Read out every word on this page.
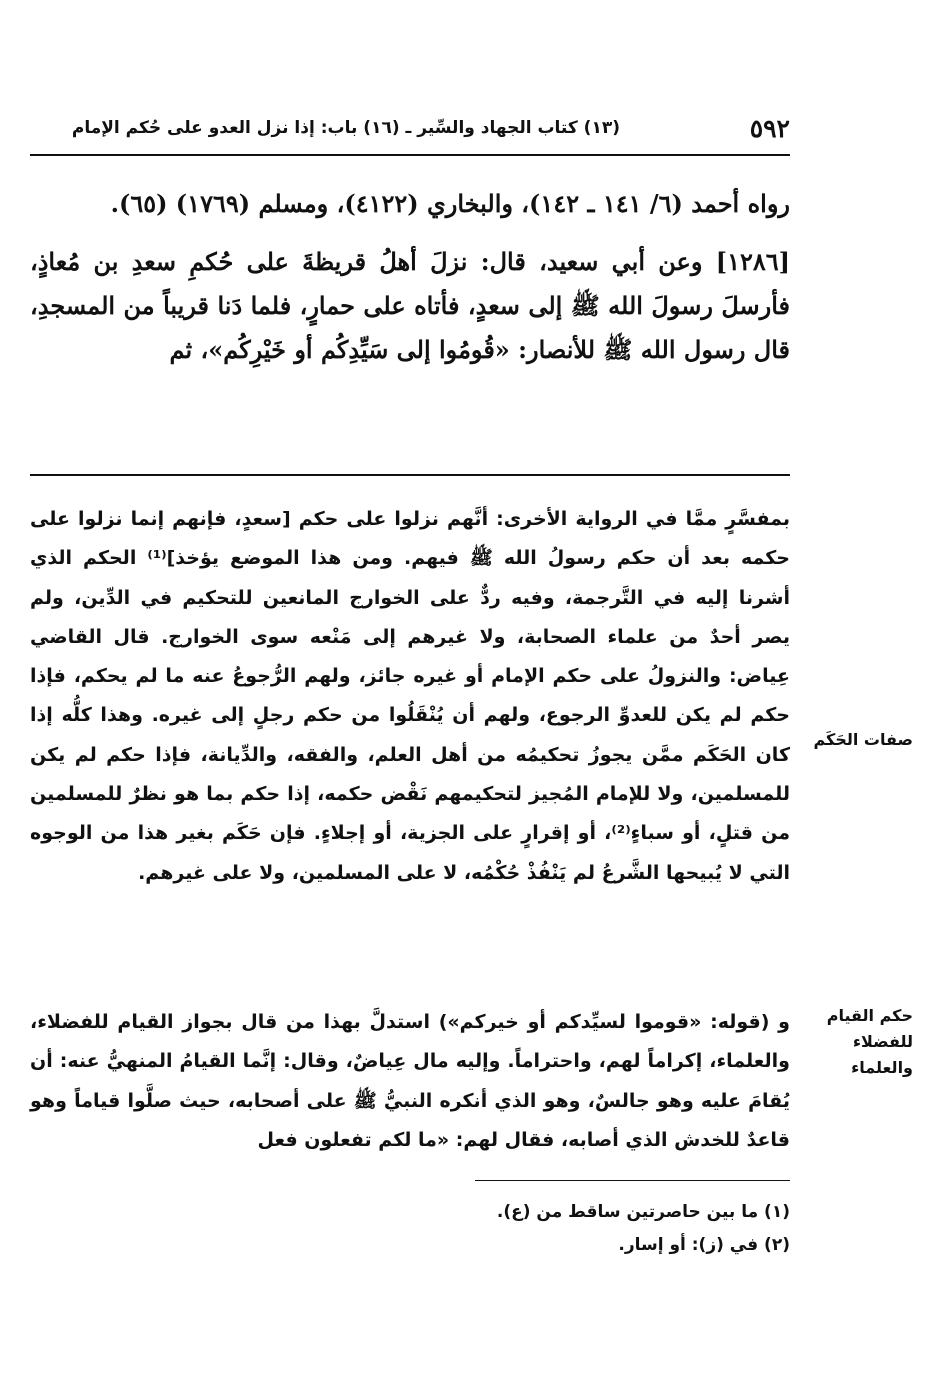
٥٩٢
(١٣) كتاب الجهاد والسِّير ـ (١٦) باب: إذا نزل العدو على حُكم الإمام

رواه أحمد (٦/ ١٤١ ـ ١٤٢)، والبخاري (٤١٢٢)، ومسلم (١٧٦٩) (٦٥).

[١٢٨٦] وعن أبي سعيد، قال: نزلَ أهلُ قريظةَ على حُكمِ سعدِ بن مُعاذٍ، فأرسلَ رسولَ الله ﷺ إلى سعدٍ، فأتاه على حمارٍ، فلما دَنا قريباً من المسجدِ، قال رسول الله ﷺ للأنصار: «قُومُوا إلى سَيِّدِكُم أو خَيْرِكُم»، ثم

بمفسَّرٍ ممَّا في الرواية الأخرى: أنَّهم نزلوا على حكم [سعدٍ، فإنهم إنما نزلوا على حكمه بعد أن حكم رسولُ الله ﷺ فيهم. ومن هذا الموضع يؤخذ]⁽¹⁾ الحكم الذي أشرنا إليه في التَّرجمة، وفيه ردٌّ على الخوارج المانعين للتحكيم في الدِّين، ولم يصر أحدٌ من علماء الصحابة، ولا غيرهم إلى مَنْعه سوى الخوارج. قال القاضي عِياض: والنزولُ على حكم الإمام أو غيره جائز، ولهم الرُّجوعُ عنه ما لم يحكم، فإذا حكم لم يكن للعدوِّ الرجوع، ولهم أن يُنْقَلُوا من حكم رجلٍ إلى غيره. وهذا كلُّه إذا كان الحَكَم ممَّن يجوزُ تحكيمُه من أهل العلم، والفقه، والدِّيانة، فإذا حكم لم يكن للمسلمين، ولا للإمام المُجيز لتحكيمهم نَقْض حكمه، إذا حكم بما هو نظرٌ للمسلمين من قتلٍ، أو سباءٍ⁽²⁾، أو إقرارٍ على الجزية، أو إجلاءٍ. فإن حَكَم بغير هذا من الوجوه التي لا يُبيحها الشَّرعُ لم يَنْفُذْ حُكْمُه، لا على المسلمين، ولا على غيرهم.

صفات الحَكَم

و (قوله: «قوموا لسيِّدكم أو خيركم») استدلَّ بهذا من قال بجواز القيام للفضلاء، والعلماء، إكراماً لهم، واحتراماً. وإليه مال عِياضٌ، وقال: إنَّما القيامُ المنهيُّ عنه: أن يُقامَ عليه وهو جالسٌ، وهو الذي أنكره النبيُّ ﷺ على أصحابه، حيث صلَّوا قياماً وهو قاعدٌ للخدش الذي أصابه، فقال لهم: «ما لكم تفعلون فعل

حكم القيام للفضلاء والعلماء

(١) ما بين حاصرتين ساقط من (ع).

(٢) في (ز): أو إسار.
